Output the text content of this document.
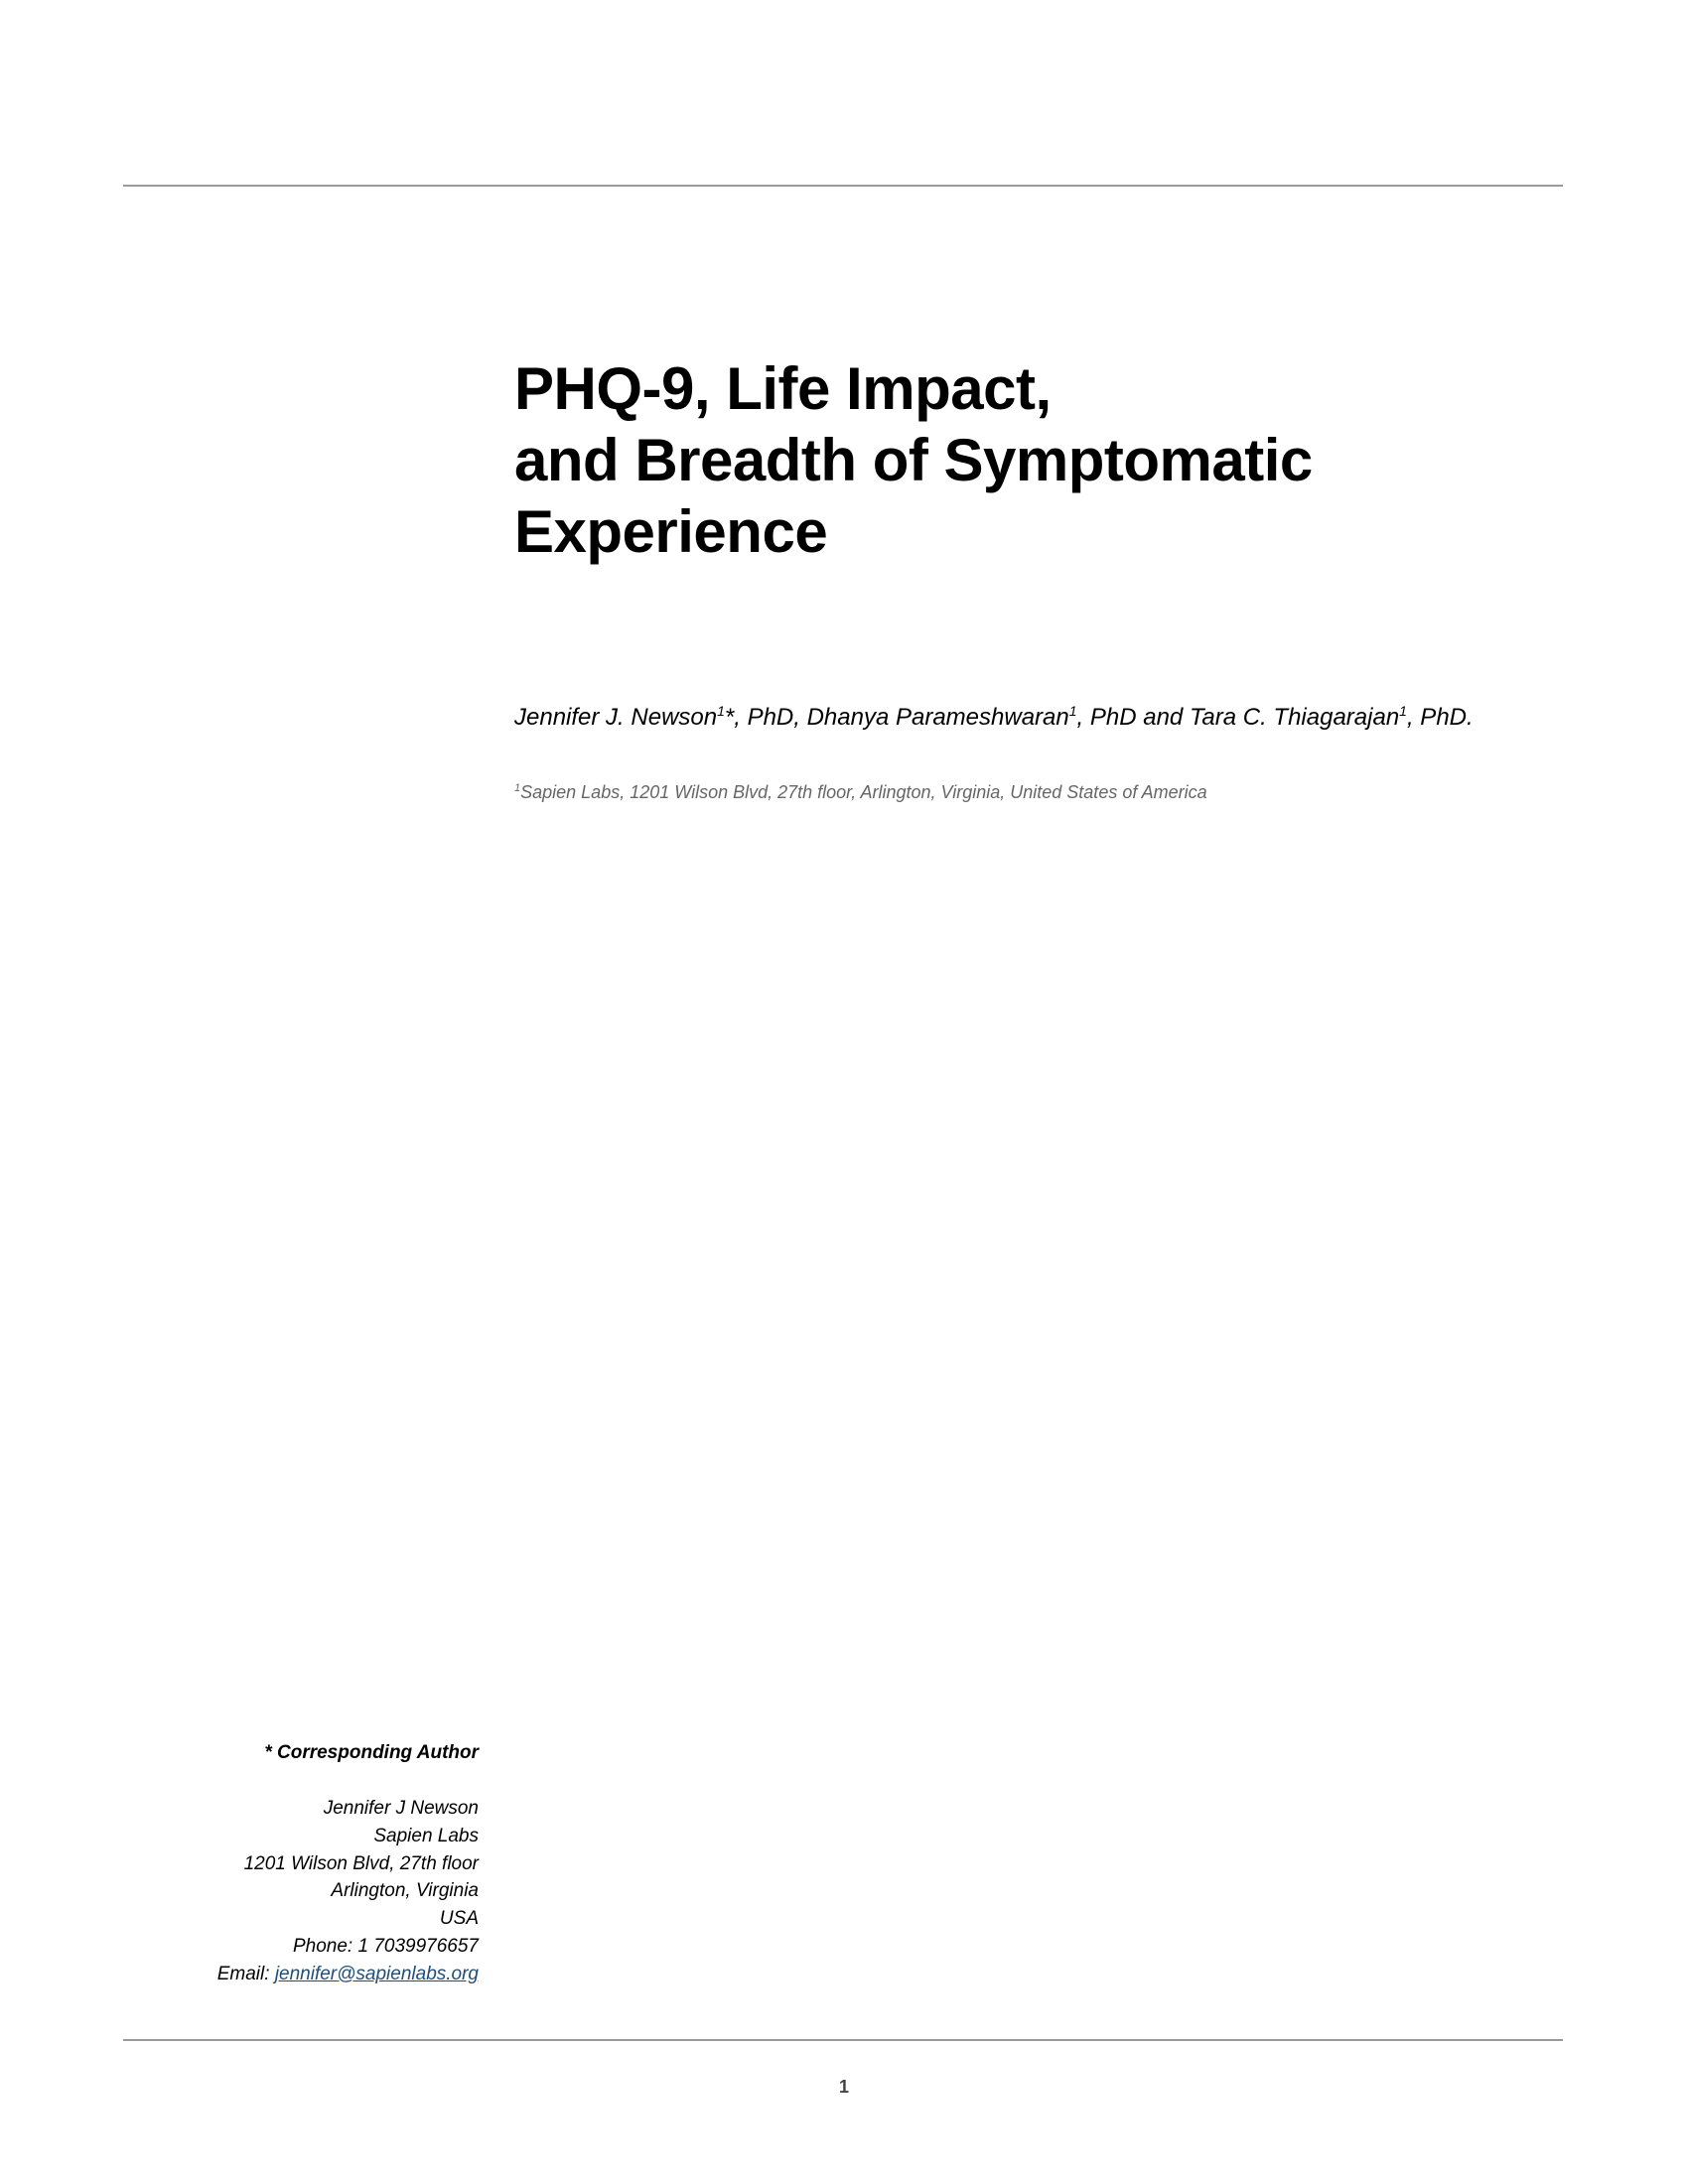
PHQ-9, Life Impact,
and Breadth of Symptomatic
Experience

Jennifer J. Newson$^1$*, PhD, Dhanya Parameshwaran$^1$, PhD and Tara C. Thiagarajan$^1$, PhD.

$^1$Sapien Labs, 1201 Wilson Blvd, 27th floor, Arlington, Virginia, United States of America

* Corresponding Author
Jennifer J Newson
Sapien Labs
1201 Wilson Blvd, 27th floor
Arlington, Virginia
USA
Phone: 1 7039976657
Email: jennifer@sapienlabs.org
1
